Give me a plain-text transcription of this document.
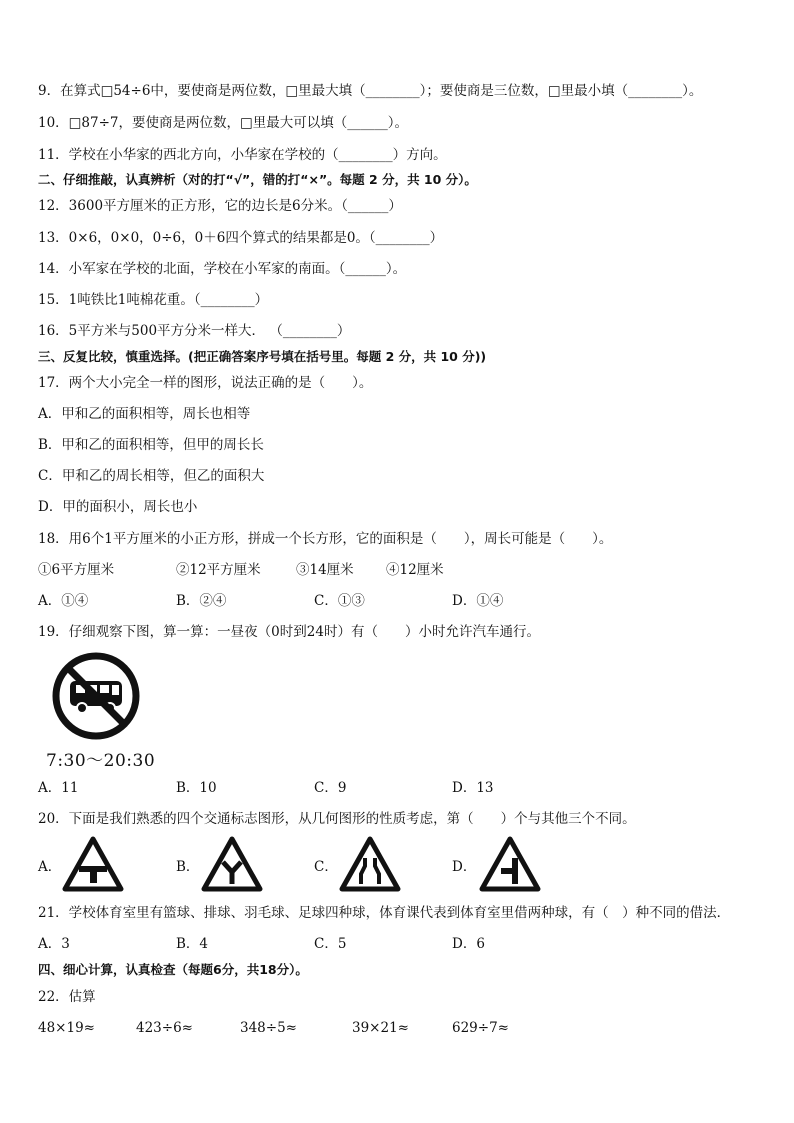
9．在算式□54÷6中，要使商是两位数，□里最大填（________）；要使商是三位数，□里最小填（________）。
10．□87÷7，要使商是两位数，□里最大可以填（______）。
11．学校在小华家的西北方向，小华家在学校的（________）方向。
二、仔细推敲，认真辨析（对的打“√”，错的打“×”。每题 2 分，共 10 分）。
12．3600平方厘米的正方形，它的边长是6分米。（______）
13．0×6，0×0，0÷6，0＋6四个算式的结果都是0。（________）
14．小军家在学校的北面，学校在小军家的南面。（______）。
15．1吨铁比1吨棉花重。（________）
16．5平方米与500平方分米一样大． （________）
三、反复比较，慎重选择。(把正确答案序号填在括号里。每题 2 分，共 10 分))
17．两个大小完全一样的图形，说法正确的是（　　）。
A．甲和乙的面积相等，周长也相等
B．甲和乙的面积相等，但甲的周长长
C．甲和乙的周长相等，但乙的面积大
D．甲的面积小，周长也小
18．用6个1平方厘米的小正方形，拼成一个长方形，它的面积是（　　），周长可能是（　　）。
①6平方厘米	②12平方厘米	③14厘米 ④12厘米
A．①④	B．②④	C．①③	D．①④
19．仔细观察下图，算一算：一昼夜（0时到24时）有（　　）小时允许汽车通行。
7:30～20:30
A．11	B．10	C．9	D．13
20．下面是我们熟悉的四个交通标志图形，从几何图形的性质考虑，第（　　）个与其他三个不同。
A．	B．	C．	D．
21．学校体育室里有篮球、排球、羽毛球、足球四种球，体育课代表到体育室里借两种球，有（　）种不同的借法．
A．3	B．4	C．5	D．6
四、细心计算，认真检查（每题6分，共18分）。
22．估算
48×19≈	423÷6≈	348÷5≈	39×21≈	629÷7≈
